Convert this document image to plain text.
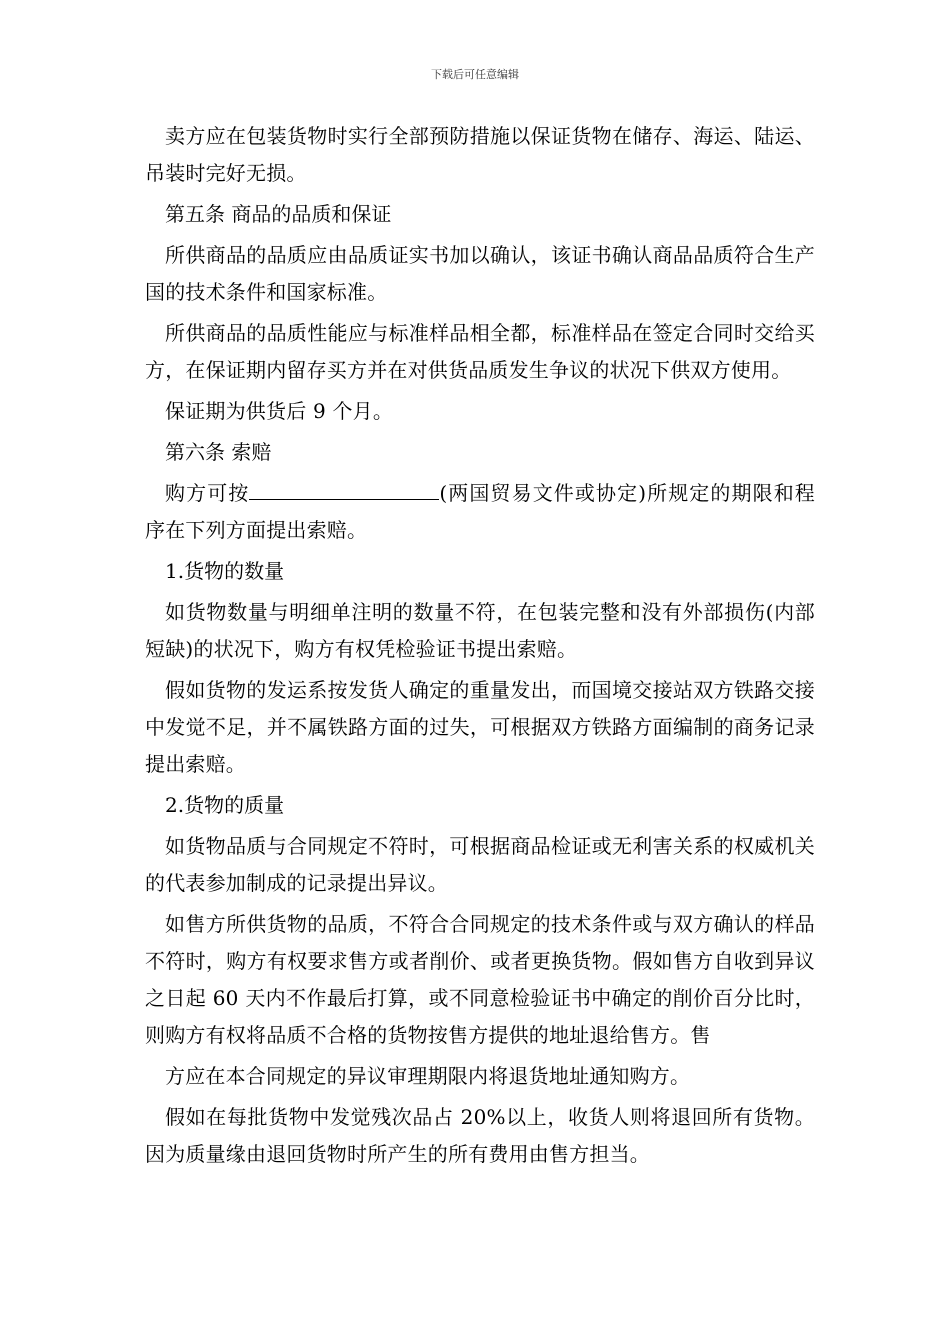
下载后可任意编辑

卖方应在包装货物时实行全部预防措施以保证货物在储存、海运、陆运、吊装时完好无损。

第五条 商品的品质和保证

所供商品的品质应由品质证实书加以确认，该证书确认商品品质符合生产国的技术条件和国家标准。

所供商品的品质性能应与标准样品相全都，标准样品在签定合同时交给买方，在保证期内留存买方并在对供货品质发生争议的状况下供双方使用。

保证期为供货后 9 个月。

第六条 索赔

购方可按	(两国贸易文件或协定)所规定的期限和程序在下列方面提出索赔。

1.货物的数量

如货物数量与明细单注明的数量不符，在包装完整和没有外部损伤(内部短缺)的状况下，购方有权凭检验证书提出索赔。

假如货物的发运系按发货人确定的重量发出，而国境交接站双方铁路交接中发觉不足，并不属铁路方面的过失，可根据双方铁路方面编制的商务记录提出索赔。

2.货物的质量

如货物品质与合同规定不符时，可根据商品检证或无利害关系的权威机关的代表参加制成的记录提出异议。

如售方所供货物的品质，不符合合同规定的技术条件或与双方确认的样品不符时，购方有权要求售方或者削价、或者更换货物。假如售方自收到异议之日起 60 天内不作最后打算，或不同意检验证书中确定的削价百分比时，则购方有权将品质不合格的货物按售方提供的地址退给售方。售

方应在本合同规定的异议审理期限内将退货地址通知购方。

假如在每批货物中发觉残次品占 20%以上，收货人则将退回所有货物。因为质量缘由退回货物时所产生的所有费用由售方担当。
